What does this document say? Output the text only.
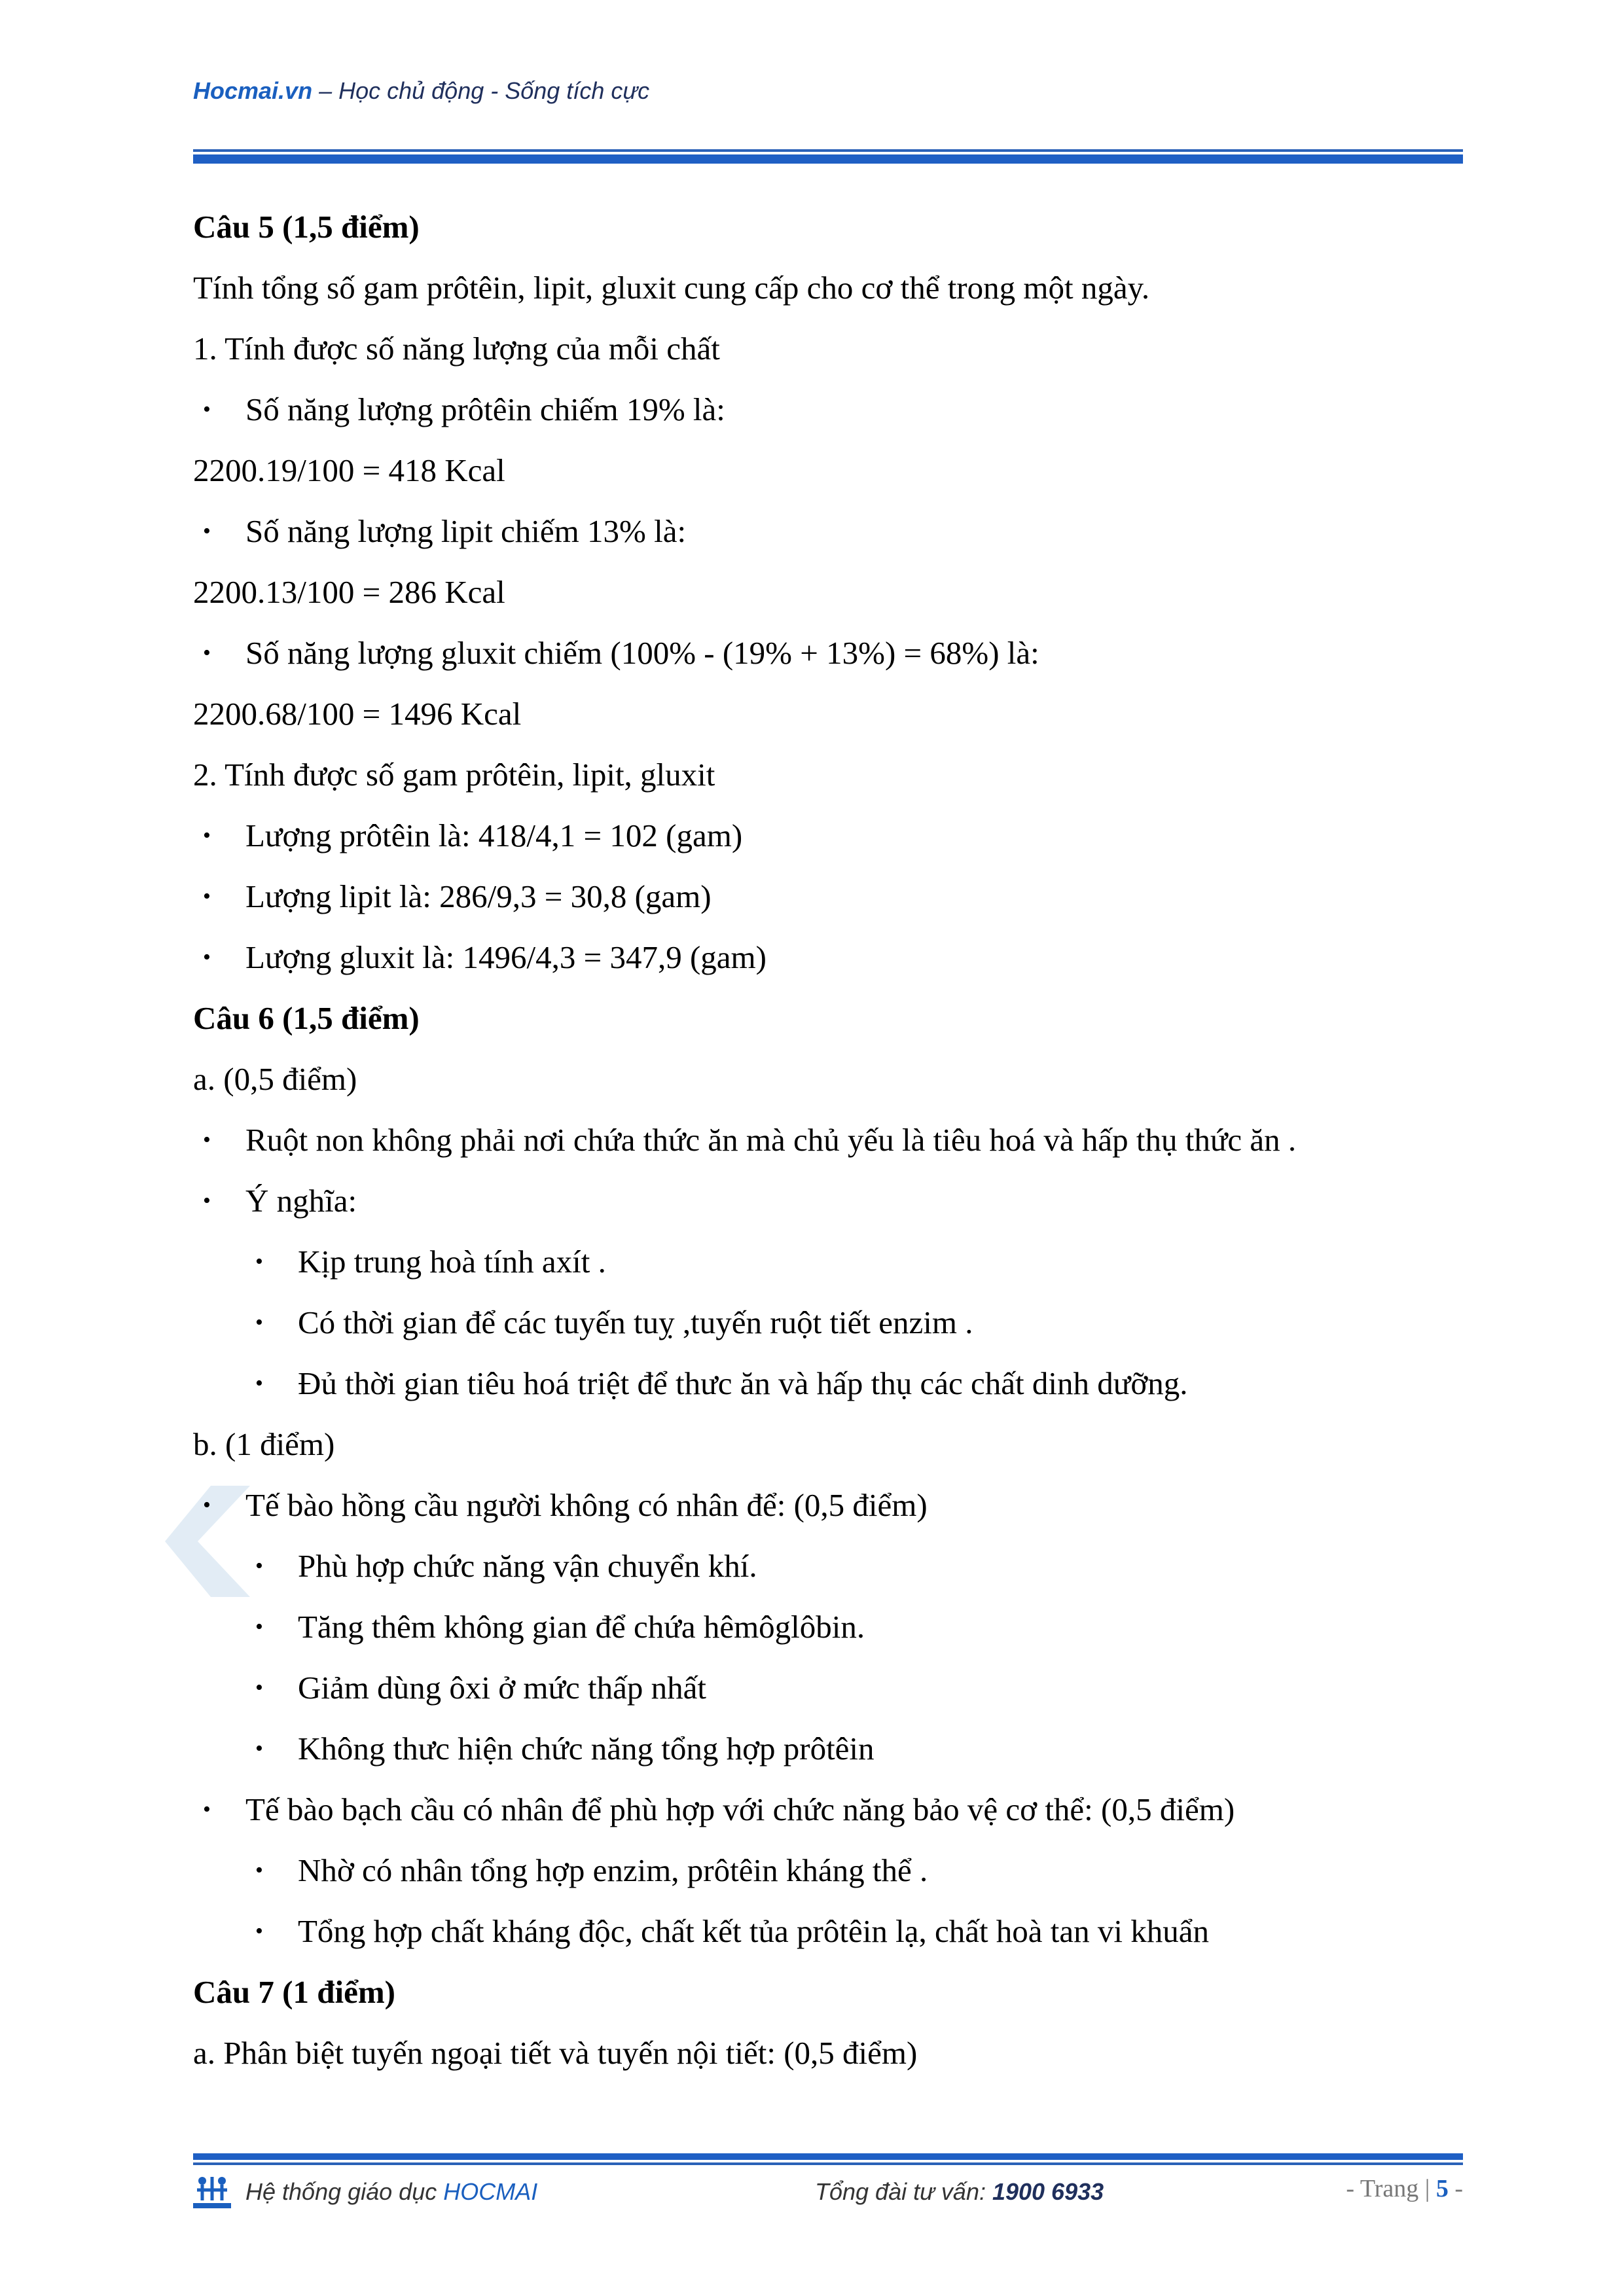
Hocmai.vn – Học chủ động - Sống tích cực
Câu 5 (1,5 điểm)
Tính tổng số gam prôtêin, lipit, gluxit cung cấp cho cơ thể trong một ngày.
1. Tính được số năng lượng của mỗi chất
• Số năng lượng prôtêin chiếm 19% là:
2200.19/100 = 418 Kcal
• Số năng lượng lipit chiếm 13% là:
2200.13/100 = 286 Kcal
• Số năng lượng gluxit chiếm (100% - (19% + 13%) = 68%) là:
2200.68/100 = 1496 Kcal
2. Tính được số gam prôtêin, lipit, gluxit
• Lượng prôtêin là: 418/4,1 = 102 (gam)
• Lượng lipit là: 286/9,3 = 30,8 (gam)
• Lượng gluxit là: 1496/4,3 = 347,9 (gam)
Câu 6 (1,5 điểm)
a. (0,5 điểm)
• Ruột non không phải nơi chứa thức ăn mà chủ yếu là tiêu hoá và hấp thụ thức ăn .
• Ý nghĩa:
• Kịp trung hoà tính axít .
• Có thời gian để các tuyến tuỵ ,tuyến ruột tiết enzim .
• Đủ thời gian tiêu hoá triệt để thưc ăn và hấp thụ các chất dinh dưỡng.
b. (1 điểm)
• Tế bào hồng cầu người không có nhân để: (0,5 điểm)
• Phù hợp chức năng vận chuyển khí.
• Tăng thêm không gian để chứa hêmôglôbin.
• Giảm dùng ôxi ở mức thấp nhất
• Không thưc hiện chức năng tổng hợp prôtêin
• Tế bào bạch cầu có nhân để phù hợp với chức năng bảo vệ cơ thể: (0,5 điểm)
• Nhờ có nhân tổng hợp enzim, prôtêin kháng thể .
• Tổng hợp chất kháng độc, chất kết tủa prôtêin lạ, chất hoà tan vi khuẩn
Câu 7 (1 điểm)
a. Phân biệt tuyến ngoại tiết và tuyến nội tiết: (0,5 điểm)
Hệ thống giáo dục HOCMAI	Tổng đài tư vấn: 1900 6933	- Trang | 5 -
